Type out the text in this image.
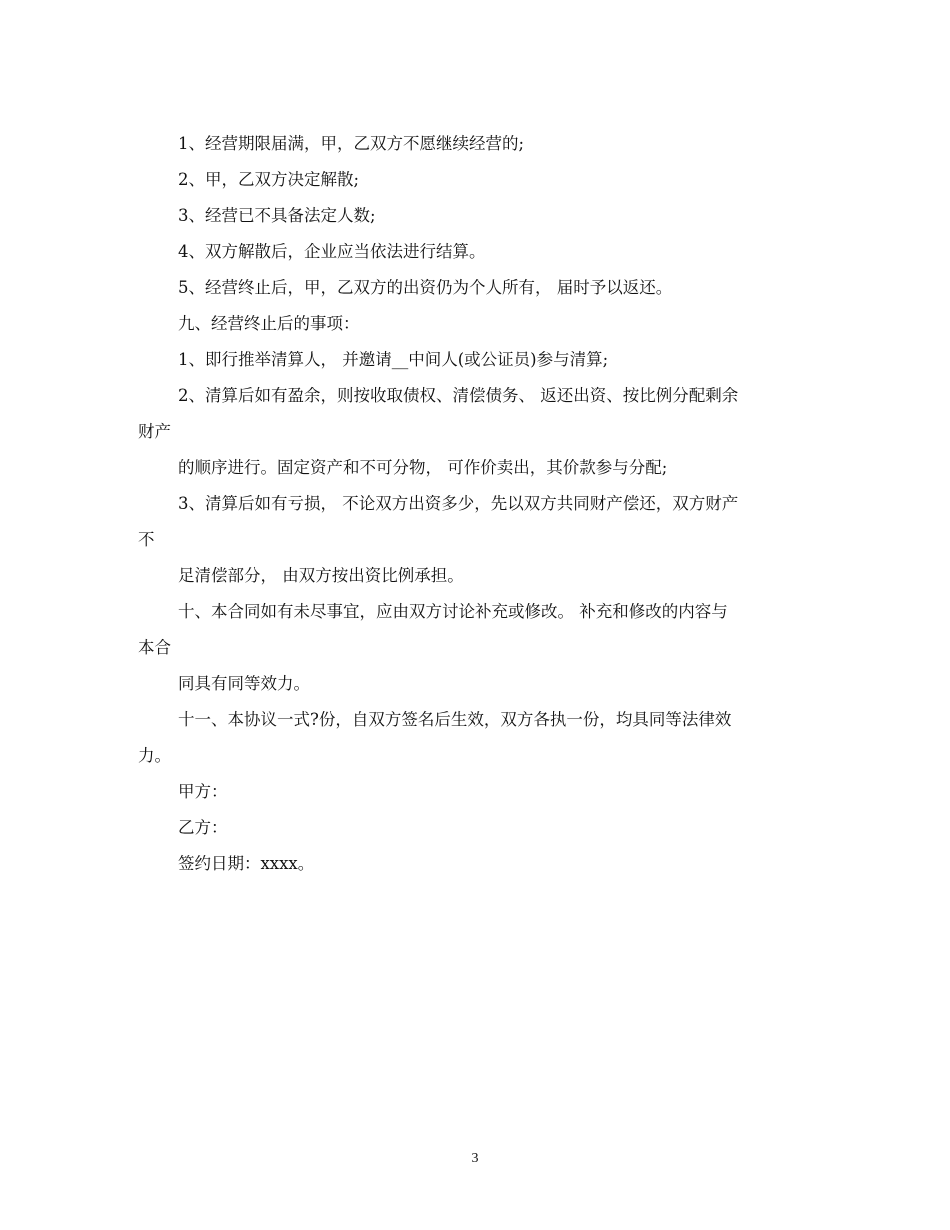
1、经营期限届满，甲，乙双方不愿继续经营的;

2、甲，乙双方决定解散;

3、经营已不具备法定人数;

4、双方解散后，企业应当依法进行结算。

5、经营终止后，甲，乙双方的出资仍为个人所有， 届时予以返还。

九、经营终止后的事项：

1、即行推举清算人， 并邀请__中间人(或公证员)参与清算;

2、清算后如有盈余，则按收取债权、清偿债务、 返还出资、按比例分配剩余

财产

的顺序进行。固定资产和不可分物， 可作价卖出，其价款参与分配;

3、清算后如有亏损， 不论双方出资多少，先以双方共同财产偿还，双方财产

不

足清偿部分， 由双方按出资比例承担。

十、本合同如有未尽事宜，应由双方讨论补充或修改。 补充和修改的内容与

本合

同具有同等效力。

十一、本协议一式?份，自双方签名后生效，双方各执一份，均具同等法律效

力。

甲方：

乙方：

签约日期：xxxx。

3
